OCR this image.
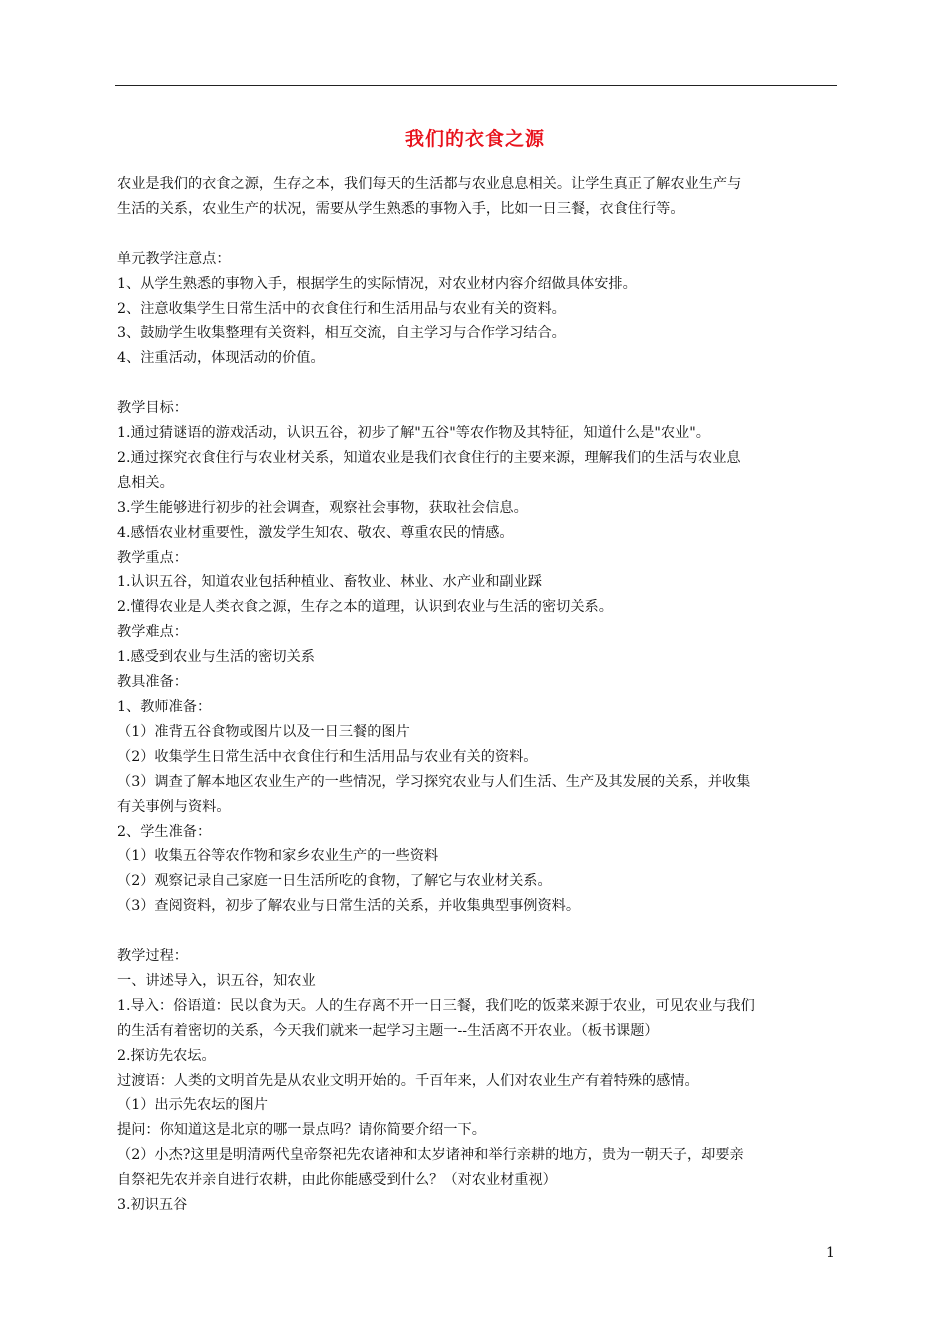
我们的衣食之源

农业是我们的衣食之源，生存之本，我们每天的生活都与农业息息相关。让学生真正了解农业生产与

生活的关系，农业生产的状况，需要从学生熟悉的事物入手，比如一日三餐，衣食住行等。

单元教学注意点：

1、从学生熟悉的事物入手，根据学生的实际情况，对农业材内容介绍做具体安排。

2、注意收集学生日常生活中的衣食住行和生活用品与农业有关的资料。

3、鼓励学生收集整理有关资料，相互交流，自主学习与合作学习结合。

4、注重活动，体现活动的价值。

教学目标：

1.通过猜谜语的游戏活动，认识五谷，初步了解"五谷"等农作物及其特征，知道什么是"农业"。

2.通过探究衣食住行与农业材关系，知道农业是我们衣食住行的主要来源，理解我们的生活与农业息

息相关。

3.学生能够进行初步的社会调查，观察社会事物，获取社会信息。

4.感悟农业材重要性，激发学生知农、敬农、尊重农民的情感。

教学重点：

1.认识五谷，知道农业包括种植业、畜牧业、林业、水产业和副业踩

2.懂得农业是人类衣食之源，生存之本的道理，认识到农业与生活的密切关系。

教学难点：

1.感受到农业与生活的密切关系

教具准备：

1、教师准备：

（1）准背五谷食物或图片以及一日三餐的图片

（2）收集学生日常生活中衣食住行和生活用品与农业有关的资料。

（3）调查了解本地区农业生产的一些情况，学习探究农业与人们生活、生产及其发展的关系，并收集

有关事例与资料。

2、学生准备：

（1）收集五谷等农作物和家乡农业生产的一些资料

（2）观察记录自己家庭一日生活所吃的食物，了解它与农业材关系。

（3）查阅资料，初步了解农业与日常生活的关系，并收集典型事例资料。

教学过程：

一、讲述导入，识五谷，知农业

1.导入：俗语道：民以食为天。人的生存离不开一日三餐，我们吃的饭菜来源于农业，可见农业与我们

的生活有着密切的关系，今天我们就来一起学习主题一--生活离不开农业。（板书课题）

2.探访先农坛。

过渡语：人类的文明首先是从农业文明开始的。千百年来，人们对农业生产有着特殊的感情。

（1）出示先农坛的图片

提问：你知道这是北京的哪一景点吗？请你简要介绍一下。

（2）小杰?这里是明清两代皇帝祭祀先农诸神和太岁诸神和举行亲耕的地方，贵为一朝天子，却要亲

自祭祀先农并亲自进行农耕，由此你能感受到什么？（对农业材重视）

3.初识五谷

1
